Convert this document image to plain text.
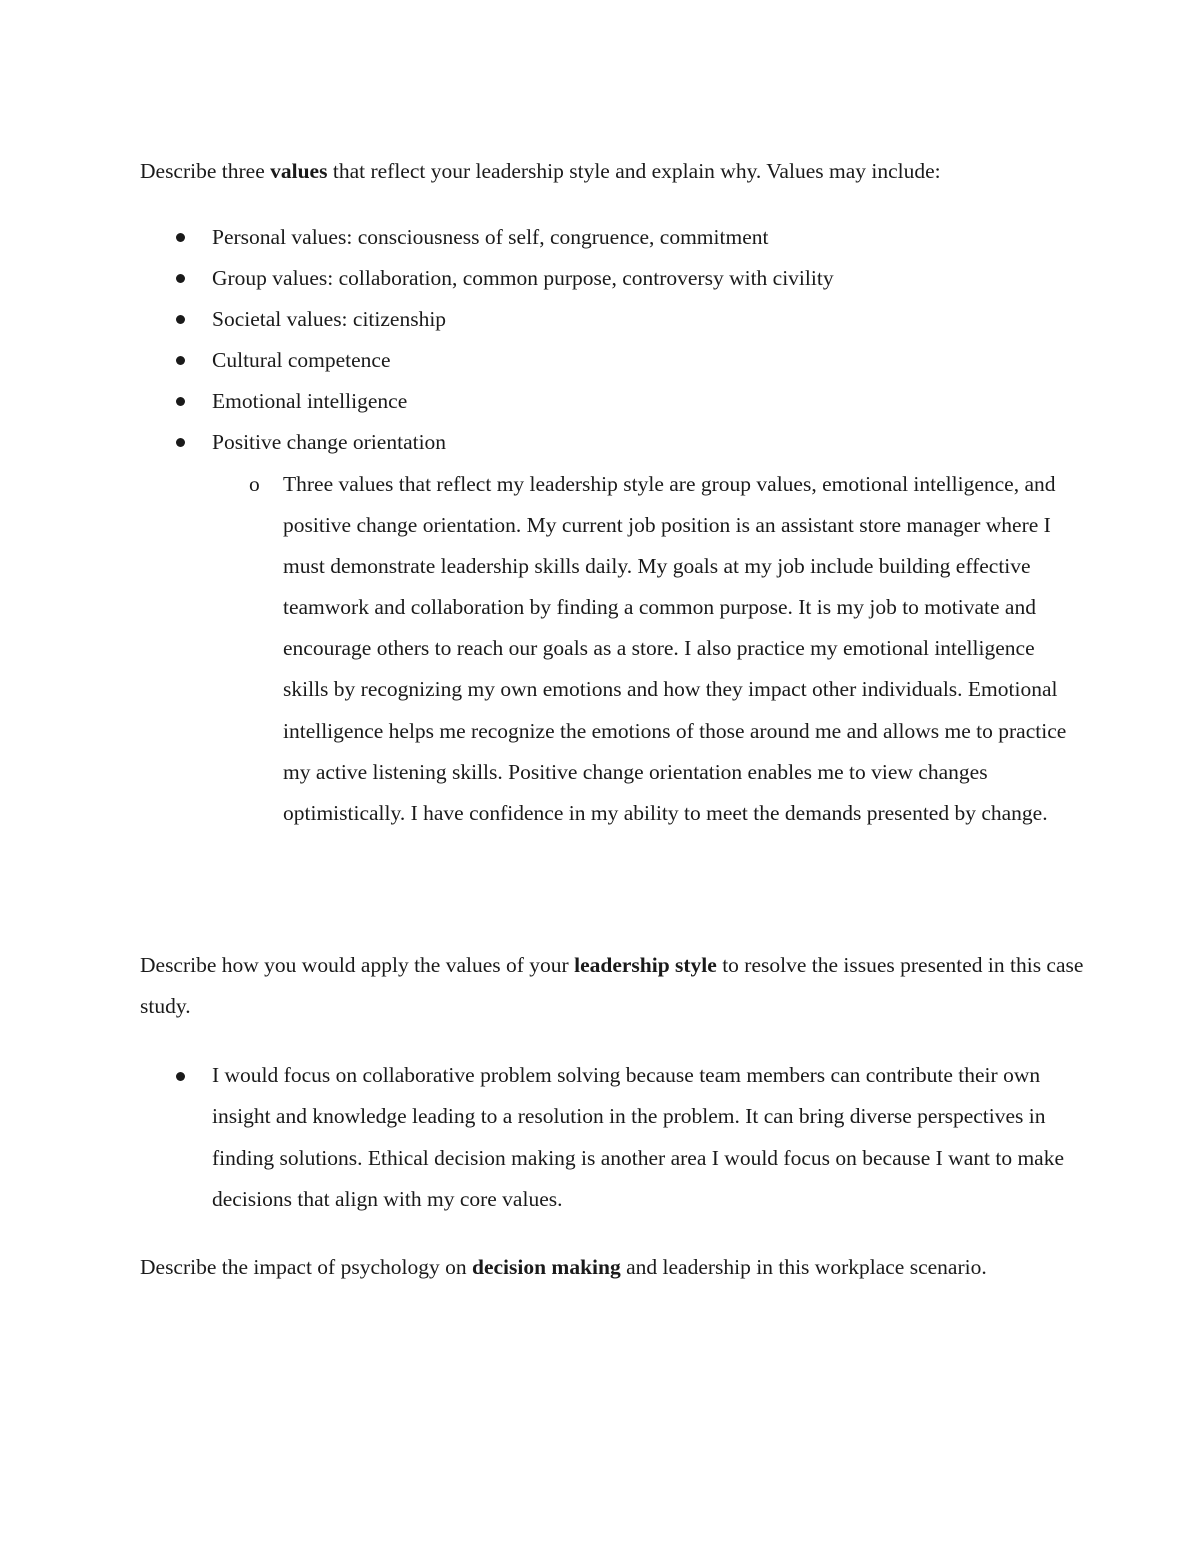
Describe three values that reflect your leadership style and explain why. Values may include:

Personal values: consciousness of self, congruence, commitment
Group values: collaboration, common purpose, controversy with civility
Societal values: citizenship
Cultural competence
Emotional intelligence
Positive change orientation
o Three values that reflect my leadership style are group values, emotional intelligence, and positive change orientation. My current job position is an assistant store manager where I must demonstrate leadership skills daily. My goals at my job include building effective teamwork and collaboration by finding a common purpose. It is my job to motivate and encourage others to reach our goals as a store. I also practice my emotional intelligence skills by recognizing my own emotions and how they impact other individuals. Emotional intelligence helps me recognize the emotions of those around me and allows me to practice my active listening skills. Positive change orientation enables me to view changes optimistically. I have confidence in my ability to meet the demands presented by change.

Describe how you would apply the values of your leadership style to resolve the issues presented in this case study.

I would focus on collaborative problem solving because team members can contribute their own insight and knowledge leading to a resolution in the problem. It can bring diverse perspectives in finding solutions. Ethical decision making is another area I would focus on because I want to make decisions that align with my core values.

Describe the impact of psychology on decision making and leadership in this workplace scenario.
